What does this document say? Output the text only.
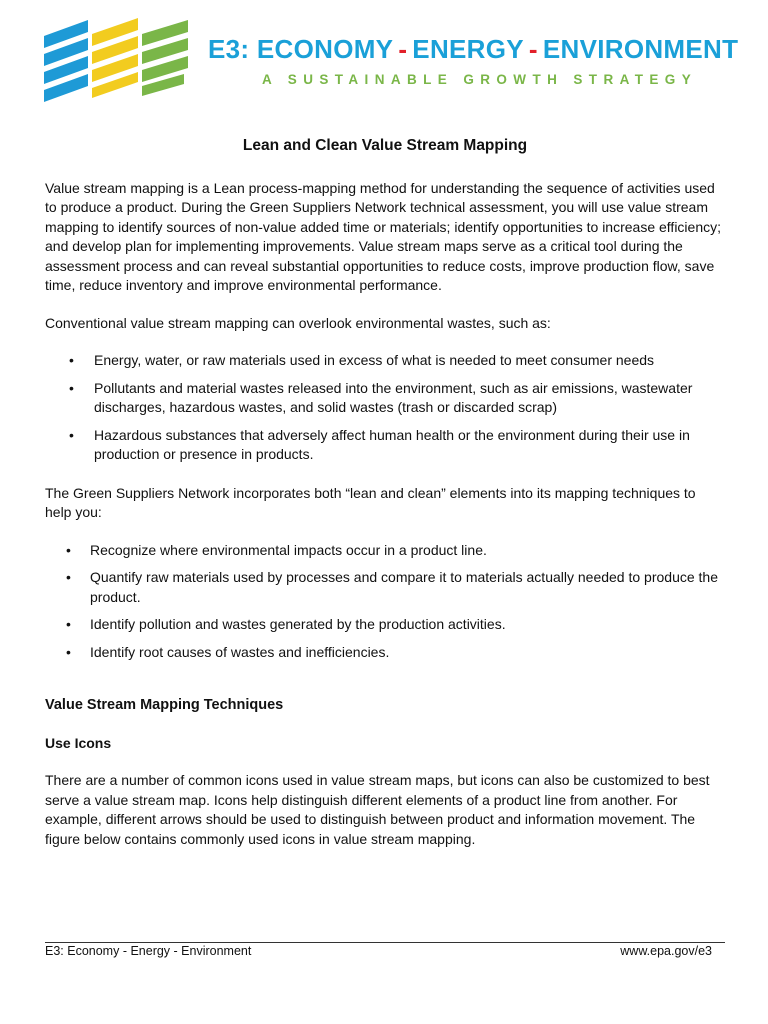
E3: ECONOMY - ENERGY - ENVIRONMENT
A SUSTAINABLE GROWTH STRATEGY
Lean and Clean Value Stream Mapping

Value stream mapping is a Lean process-mapping method for understanding the sequence of activities used to produce a product. During the Green Suppliers Network technical assessment, you will use value stream mapping to identify sources of non-value added time or materials; identify opportunities to increase efficiency; and develop plan for implementing improvements. Value stream maps serve as a critical tool during the assessment process and can reveal substantial opportunities to reduce costs, improve production flow, save time, reduce inventory and improve environmental performance.

Conventional value stream mapping can overlook environmental wastes, such as:

• Energy, water, or raw materials used in excess of what is needed to meet consumer needs
• Pollutants and material wastes released into the environment, such as air emissions, wastewater discharges, hazardous wastes, and solid wastes (trash or discarded scrap)
• Hazardous substances that adversely affect human health or the environment during their use in production or presence in products.

The Green Suppliers Network incorporates both “lean and clean” elements into its mapping techniques to help you:

• Recognize where environmental impacts occur in a product line.
• Quantify raw materials used by processes and compare it to materials actually needed to produce the product.
• Identify pollution and wastes generated by the production activities.
• Identify root causes of wastes and inefficiencies.
Value Stream Mapping Techniques
Use Icons

There are a number of common icons used in value stream maps, but icons can also be customized to best serve a value stream map. Icons help distinguish different elements of a product line from another. For example, different arrows should be used to distinguish between product and information movement. The figure below contains commonly used icons in value stream mapping.

E3: Economy - Energy - Environment	www.epa.gov/e3
